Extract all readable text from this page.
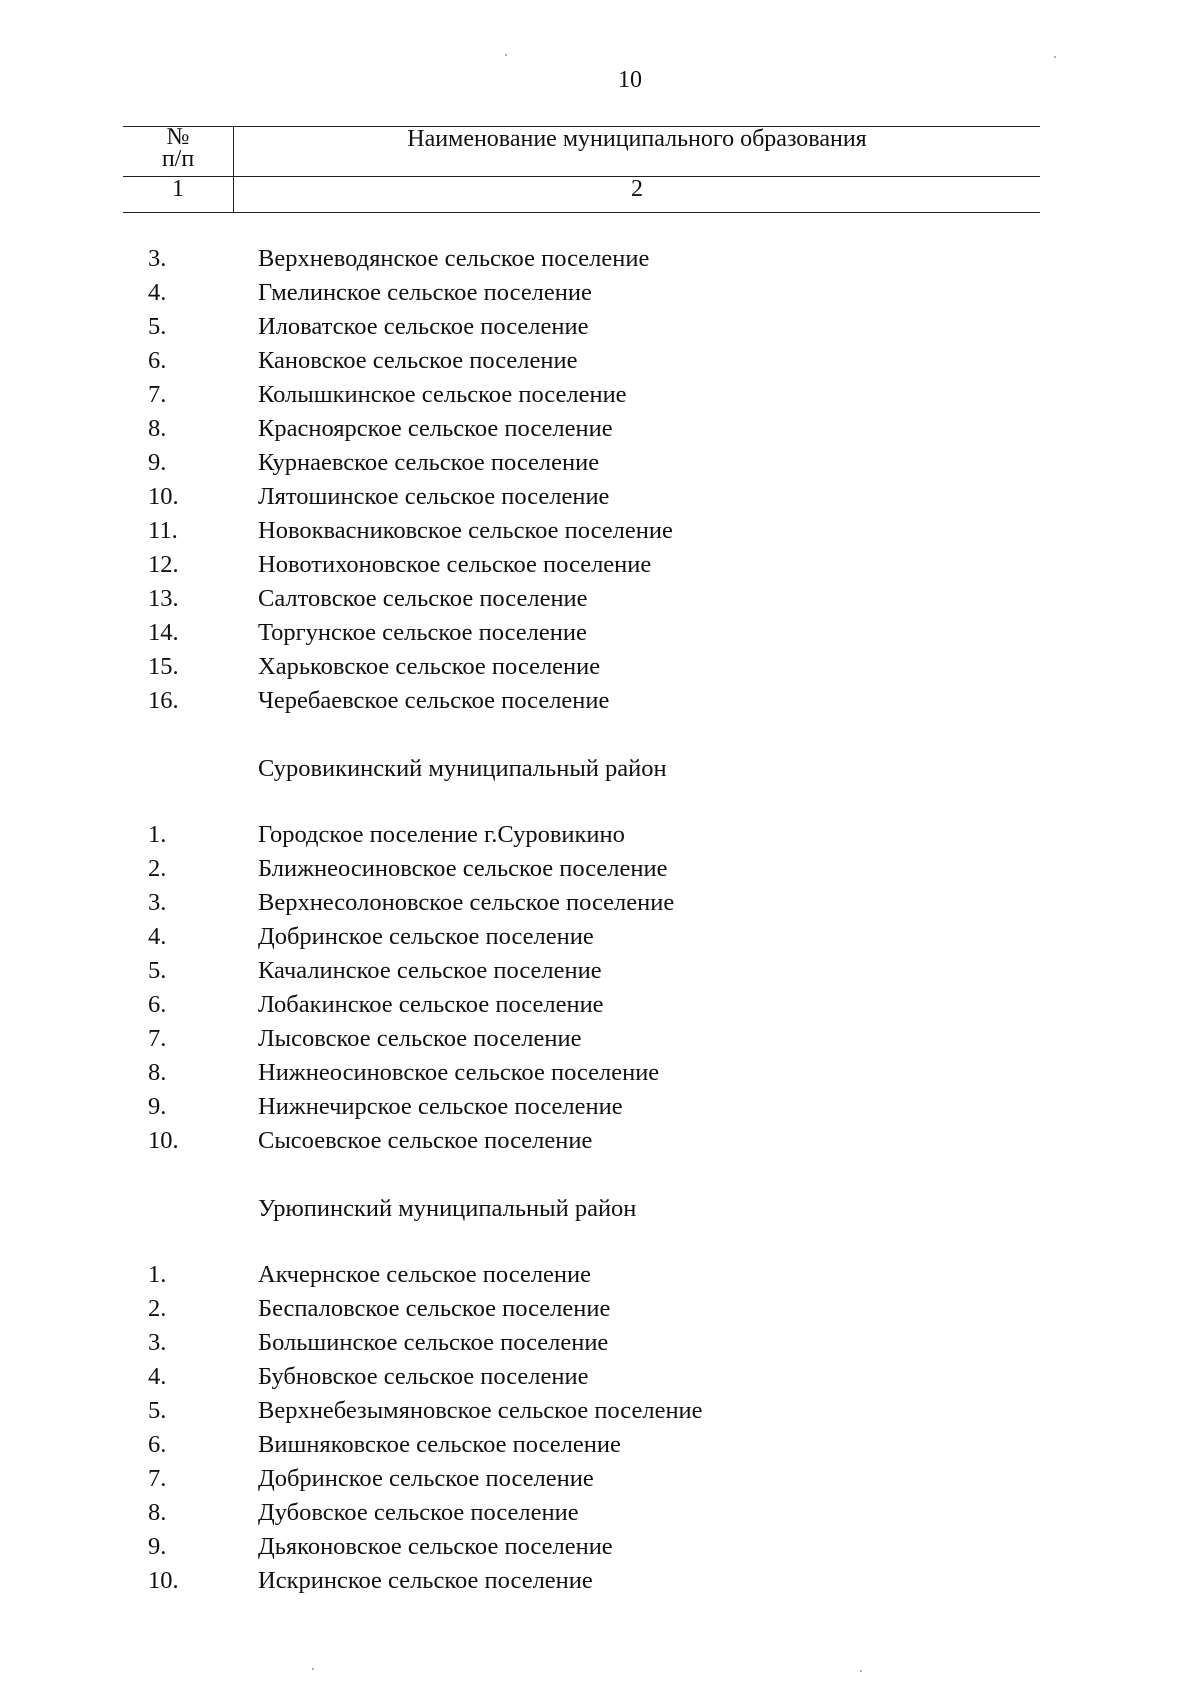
10
№
п/п
Наименование муниципального образования
1	2
3.	Верхневодянское сельское поселение
4.	Гмелинское сельское поселение
5.	Иловатское сельское поселение
6.	Кановское сельское поселение
7.	Колышкинское сельское поселение
8.	Красноярское сельское поселение
9.	Курнаевское сельское поселение
10.	Лятошинское сельское поселение
11.	Новоквасниковское сельское поселение
12.	Новотихоновское сельское поселение
13.	Салтовское сельское поселение
14.	Торгунское сельское поселение
15.	Харьковское сельское поселение
16.	Черебаевское сельское поселение
Суровикинский муниципальный район
1.	Городское поселение г.Суровикино
2.	Ближнеосиновское сельское поселение
3.	Верхнесолоновское сельское поселение
4.	Добринское сельское поселение
5.	Качалинское сельское поселение
6.	Лобакинское сельское поселение
7.	Лысовское сельское поселение
8.	Нижнеосиновское сельское поселение
9.	Нижнечирское сельское поселение
10.	Сысоевское сельское поселение
Урюпинский муниципальный район
1.	Акчернское сельское поселение
2.	Беспаловское сельское поселение
3.	Большинское сельское поселение
4.	Бубновское сельское поселение
5.	Верхнебезымяновское сельское поселение
6.	Вишняковское сельское поселение
7.	Добринское сельское поселение
8.	Дубовское сельское поселение
9.	Дьяконовское сельское поселение
10.	Искринское сельское поселение
